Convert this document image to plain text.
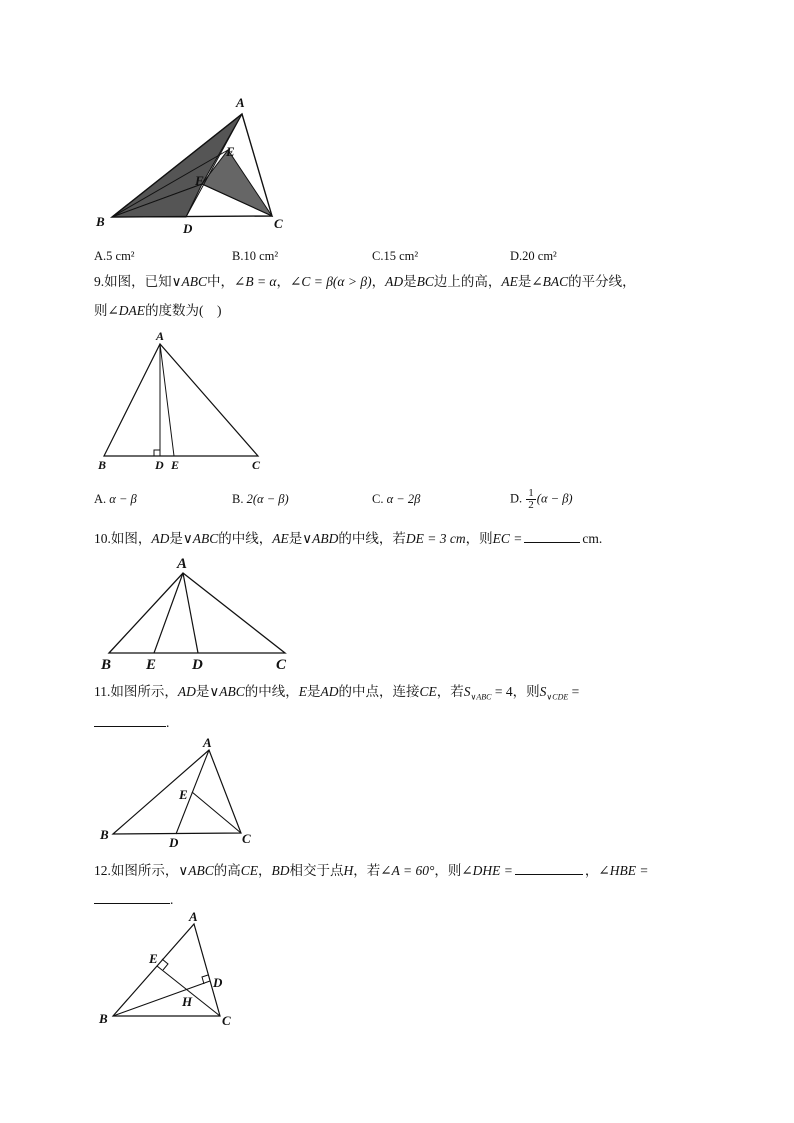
A
E
F
B	D	C
A.5 cm²	B.10 cm²	C.15 cm²	D.20 cm²
9.如图，已知∨ABC中，∠B = α，∠C = β(α > β)，AD是BC边上的高，AE是∠BAC的平分线，
则∠DAE的度数为(　)
A
B	D E	C
A. α − β	B. 2(α − β)	C. α − 2β	D. $\frac{1}{2} (\alpha - \beta)$
10.如图，AD是∨ABC的中线，AE是∨ABD的中线，若DE = 3 cm，则EC =	cm.
A
B E D	C
11.如图所示，AD是∨ABC的中线，E是AD的中点，连接CE，若$S_{\vee ABC} = 4$，则$S_{\vee CDE}$ =
.
A
E
B
D	C
12.如图所示，∨ABC的高CE，BD相交于点H，若∠A = 60°，则∠DHE =	，∠HBE =
.
A
E
D
H
B	C
